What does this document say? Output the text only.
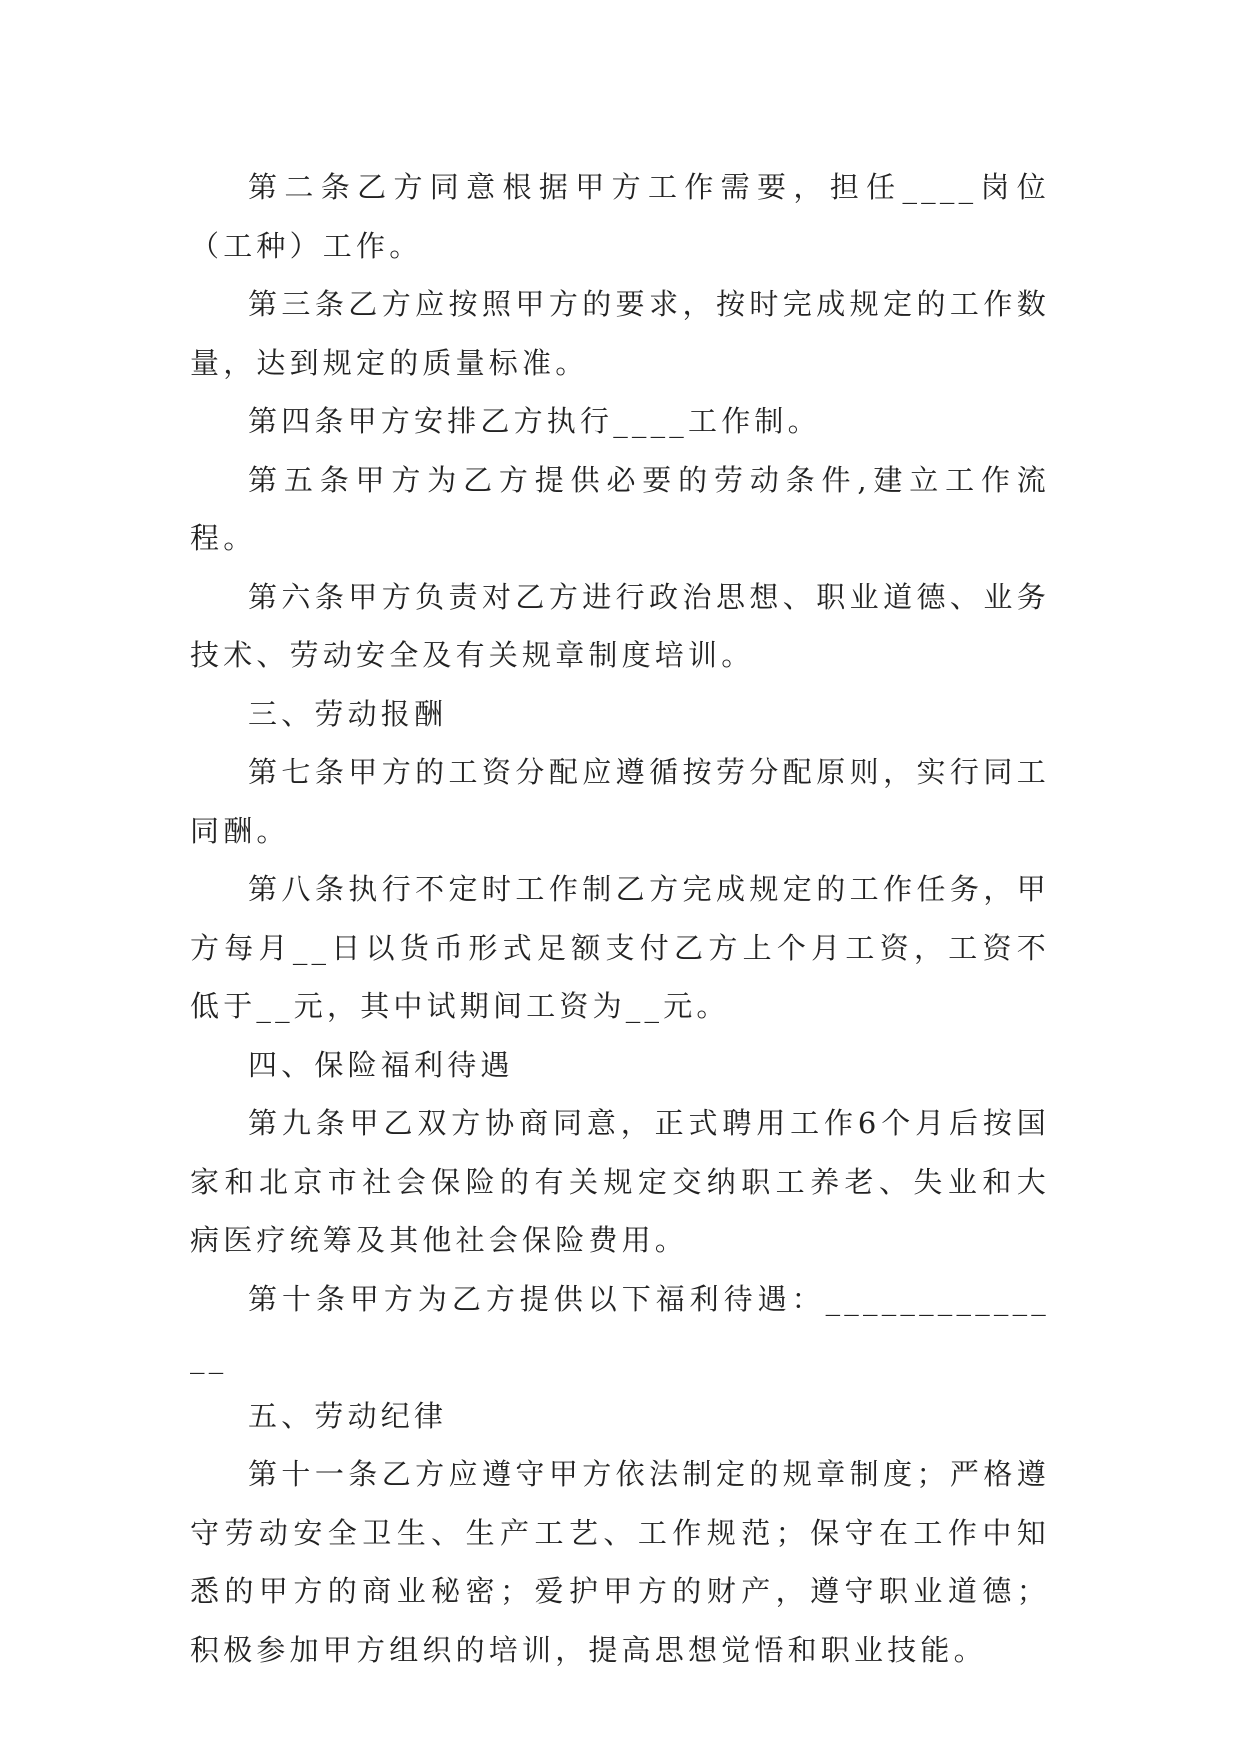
第二条乙方同意根据甲方工作需要，担任____岗位（工种）工作。

第三条乙方应按照甲方的要求，按时完成规定的工作数量，达到规定的质量标准。

第四条甲方安排乙方执行____工作制。

第五条甲方为乙方提供必要的劳动条件,建立工作流程。

第六条甲方负责对乙方进行政治思想、职业道德、业务技术、劳动安全及有关规章制度培训。

三、劳动报酬

第七条甲方的工资分配应遵循按劳分配原则，实行同工同酬。

第八条执行不定时工作制乙方完成规定的工作任务，甲方每月__日以货币形式足额支付乙方上个月工资，工资不低于__元，其中试期间工资为__元。

四、保险福利待遇

第九条甲乙双方协商同意，正式聘用工作6个月后按国家和北京市社会保险的有关规定交纳职工养老、失业和大病医疗统筹及其他社会保险费用。

第十条甲方为乙方提供以下福利待遇：______________

五、劳动纪律

第十一条乙方应遵守甲方依法制定的规章制度；严格遵守劳动安全卫生、生产工艺、工作规范；保守在工作中知悉的甲方的商业秘密；爱护甲方的财产，遵守职业道德；积极参加甲方组织的培训，提高思想觉悟和职业技能。
